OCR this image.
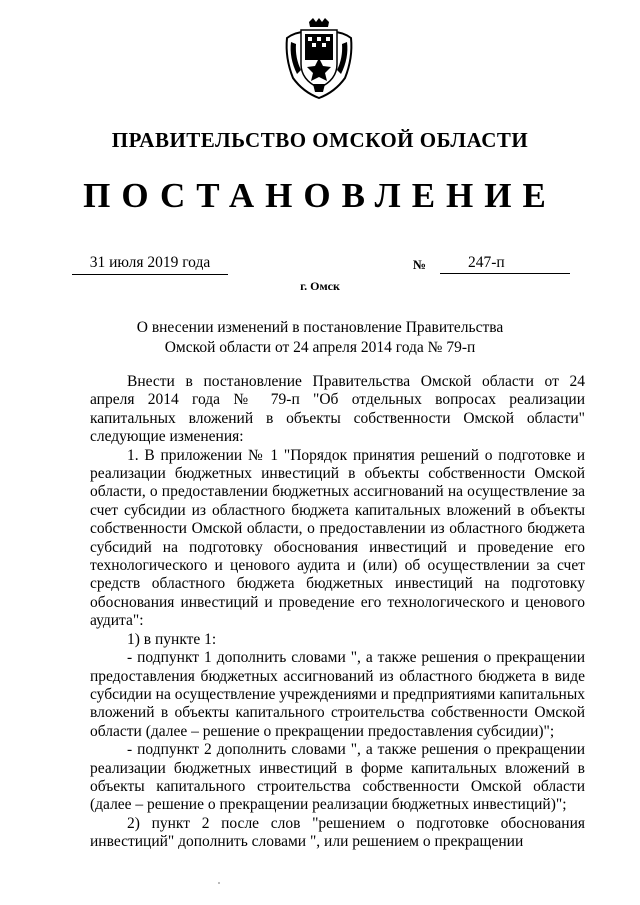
ПРАВИТЕЛЬСТВО ОМСКОЙ ОБЛАСТИ
ПОСТАНОВЛЕНИЕ
31 июля 2019 года	№	247-п
г. Омск
О внесении изменений в постановление Правительства
Омской области от 24 апреля 2014 года № 79-п

Внести в постановление Правительства Омской области от 24 апреля 2014 года № 79-п "Об отдельных вопросах реализации капитальных вложений в объекты собственности Омской области" следующие изменения:

1. В приложении № 1 "Порядок принятия решений о подготовке и реализации бюджетных инвестиций в объекты собственности Омской области, о предоставлении бюджетных ассигнований на осуществление за счет субсидии из областного бюджета капитальных вложений в объекты собственности Омской области, о предоставлении из областного бюджета субсидий на подготовку обоснования инвестиций и проведение его технологического и ценового аудита и (или) об осуществлении за счет средств областного бюджета бюджетных инвестиций на подготовку обоснования инвестиций и проведение его технологического и ценового аудита":

1) в пункте 1:

- подпункт 1 дополнить словами ", а также решения о прекращении предоставления бюджетных ассигнований из областного бюджета в виде субсидии на осуществление учреждениями и предприятиями капитальных вложений в объекты капитального строительства собственности Омской области (далее – решение о прекращении предоставления субсидии)";

- подпункт 2 дополнить словами ", а также решения о прекращении реализации бюджетных инвестиций в форме капитальных вложений в объекты капитального строительства собственности Омской области (далее – решение о прекращении реализации бюджетных инвестиций)";

2) пункт 2 после слов "решением о подготовке обоснования инвестиций" дополнить словами ", или решением о прекращении
